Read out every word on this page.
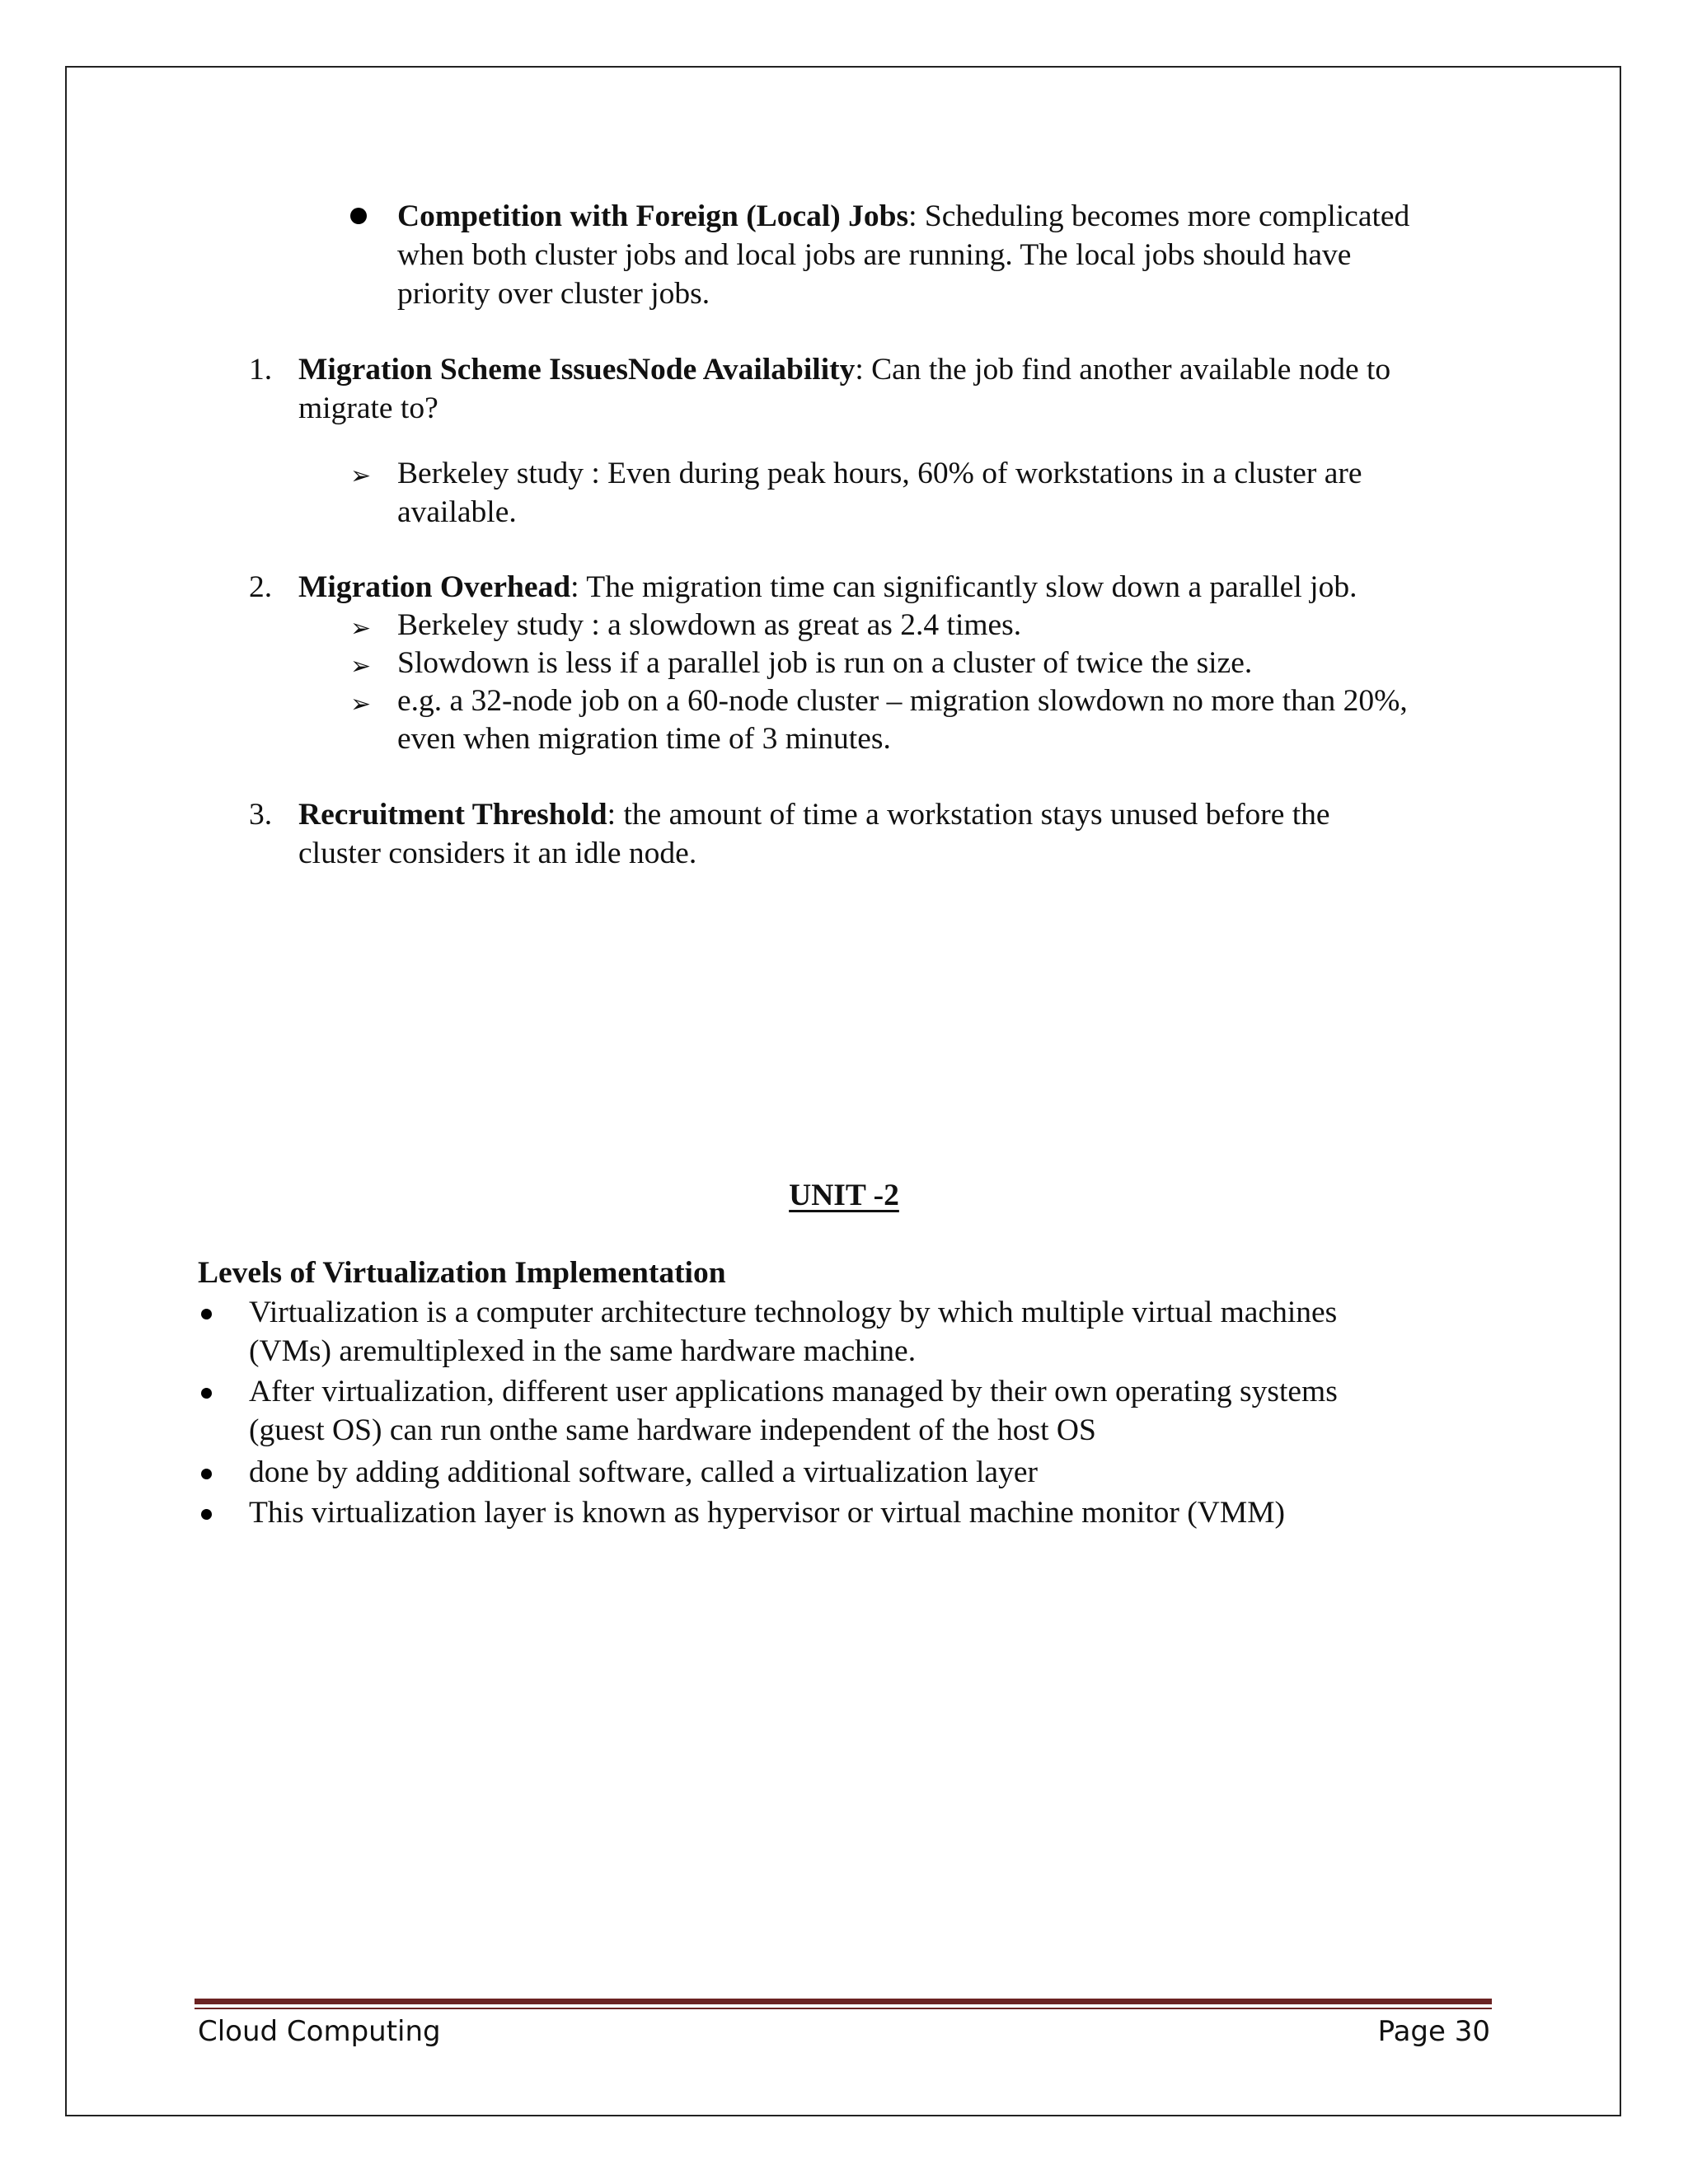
Competition with Foreign (Local) Jobs: Scheduling becomes more complicated
when both cluster jobs and local jobs are running. The local jobs should have
priority over cluster jobs.
1. Migration Scheme IssuesNode Availability: Can the job find another available node to
migrate to?
➢ Berkeley study : Even during peak hours, 60% of workstations in a cluster are
available.
2. Migration Overhead: The migration time can significantly slow down a parallel job.
➢ Berkeley study : a slowdown as great as 2.4 times.
➢ Slowdown is less if a parallel job is run on a cluster of twice the size.
➢ e.g. a 32-node job on a 60-node cluster – migration slowdown no more than 20%,
even when migration time of 3 minutes.
3. Recruitment Threshold: the amount of time a workstation stays unused before the
cluster considers it an idle node.
UNIT -2
Levels of Virtualization Implementation
Virtualization is a computer architecture technology by which multiple virtual machines
(VMs) aremultiplexed in the same hardware machine.
After virtualization, different user applications managed by their own operating systems
(guest OS) can run onthe same hardware independent of the host OS
done by adding additional software, called a virtualization layer
This virtualization layer is known as hypervisor or virtual machine monitor (VMM)
Cloud Computing	Page 30
